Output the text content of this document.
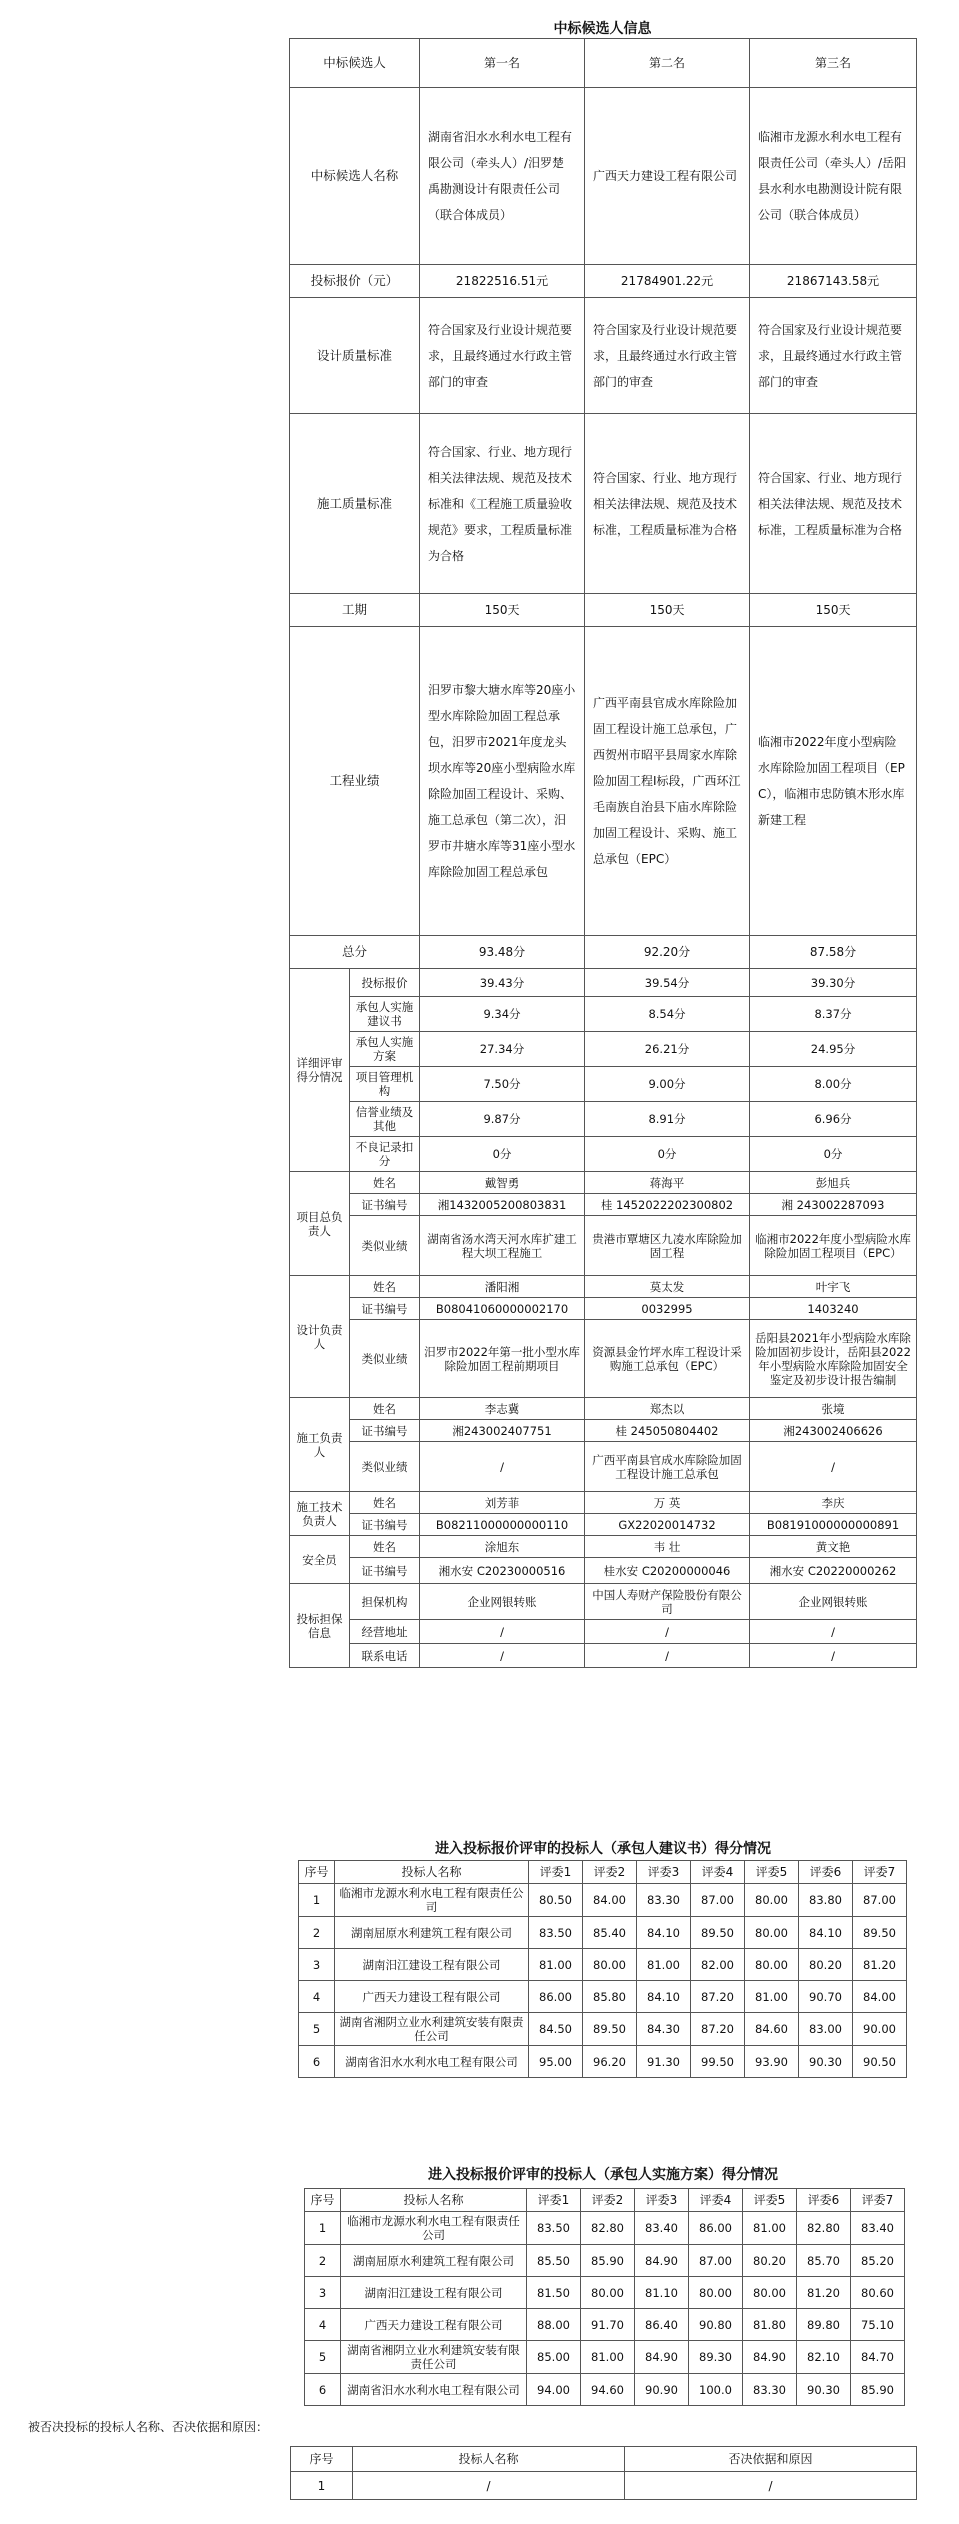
中标候选人信息
中标候选人		第一名	第二名	第三名
中标候选人名称		湖南省汨水水利水电工程有限公司（牵头人）/汨罗楚禹勘测设计有限责任公司（联合体成员）	广西天力建设工程有限公司	临湘市龙源水利水电工程有限责任公司（牵头人）/岳阳县水利水电勘测设计院有限公司（联合体成员）
投标报价（元）		21822516.51元	21784901.22元	21867143.58元
设计质量标准		符合国家及行业设计规范要求，且最终通过水行政主管部门的审查	符合国家及行业设计规范要求，且最终通过水行政主管部门的审查	符合国家及行业设计规范要求，且最终通过水行政主管部门的审查
施工质量标准		符合国家、行业、地方现行相关法律法规、规范及技术标准和《工程施工质量验收规范》要求，工程质量标准为合格	符合国家、行业、地方现行相关法律法规、规范及技术标准，工程质量标准为合格	符合国家、行业、地方现行相关法律法规、规范及技术标准，工程质量标准为合格
工期		150天	150天	150天
工程业绩		汨罗市黎大塘水库等20座小型水库除险加固工程总承包，汨罗市2021年度龙头坝水库等20座小型病险水库除险加固工程设计、采购、施工总承包（第二次），汨罗市井塘水库等31座小型水库除险加固工程总承包	广西平南县官成水库除险加固工程设计施工总承包，广西贺州市昭平县周家水库除险加固工程Ⅰ标段，广西环江毛南族自治县下庙水库除险加固工程设计、采购、施工总承包（EPC）	临湘市2022年度小型病险水库除险加固工程项目（EPC），临湘市忠防镇木形水库新建工程
总分		93.48分	92.20分	87.58分
详细评审得分情况	投标报价	39.43分	39.54分	39.30分
	承包人实施建议书	9.34分	8.54分	8.37分
	承包人实施方案	27.34分	26.21分	24.95分
	项目管理机构	7.50分	9.00分	8.00分
	信誉业绩及其他	9.87分	8.91分	6.96分
	不良记录扣分	0分	0分	0分
项目总负责人	姓名	戴智勇	蒋海平	彭旭兵
	证书编号	湘1432005200803831	桂 1452022202300802	湘 243002287093
	类似业绩	湖南省汤水湾天河水库扩建工程大坝工程施工	贵港市覃塘区九凌水库除险加固工程	临湘市2022年度小型病险水库除险加固工程项目（EPC）
设计负责人	姓名	潘阳湘	莫太发	叶宇飞
	证书编号	B08041060000002170	0032995	1403240
	类似业绩	汨罗市2022年第一批小型水库除险加固工程前期项目	资源县金竹坪水库工程设计采购施工总承包（EPC）	岳阳县2021年小型病险水库除险加固初步设计，岳阳县2022年小型病险水库除险加固安全鉴定及初步设计报告编制
施工负责人	姓名	李志冀	郑杰以	张境
	证书编号	湘243002407751	桂 245050804402	湘243002406626
	类似业绩	/	广西平南县官成水库除险加固工程设计施工总承包	/
施工技术负责人	姓名	刘芳菲	万 英	李庆
	证书编号	B08211000000000110	GX22020014732	B08191000000000891
安全员	姓名	涂旭东	韦 壮	黄文艳
	证书编号	湘水安 C20230000516	桂水安 C20200000046	湘水安 C20220000262
投标担保信息	担保机构	企业网银转账	中国人寿财产保险股份有限公司	企业网银转账
	经营地址	/	/	/
	联系电话	/	/	/
进入投标报价评审的投标人（承包人建议书）得分情况
序号	投标人名称	评委1	评委2	评委3	评委4	评委5	评委6	评委7
1	临湘市龙源水利水电工程有限责任公司	80.50	84.00	83.30	87.00	80.00	83.80	87.00
2	湖南屈原水利建筑工程有限公司	83.50	85.40	84.10	89.50	80.00	84.10	89.50
3	湖南汨江建设工程有限公司	81.00	80.00	81.00	82.00	80.00	80.20	81.20
4	广西天力建设工程有限公司	86.00	85.80	84.10	87.20	81.00	90.70	84.00
5	湖南省湘阴立业水利建筑安装有限责任公司	84.50	89.50	84.30	87.20	84.60	83.00	90.00
6	湖南省汨水水利水电工程有限公司	95.00	96.20	91.30	99.50	93.90	90.30	90.50
进入投标报价评审的投标人（承包人实施方案）得分情况
序号	投标人名称	评委1	评委2	评委3	评委4	评委5	评委6	评委7
1	临湘市龙源水利水电工程有限责任公司	83.50	82.80	83.40	86.00	81.00	82.80	83.40
2	湖南屈原水利建筑工程有限公司	85.50	85.90	84.90	87.00	80.20	85.70	85.20
3	湖南汨江建设工程有限公司	81.50	80.00	81.10	80.00	80.00	81.20	80.60
4	广西天力建设工程有限公司	88.00	91.70	86.40	90.80	81.80	89.80	75.10
5	湖南省湘阴立业水利建筑安装有限责任公司	85.00	81.00	84.90	89.30	84.90	82.10	84.70
6	湖南省汨水水利水电工程有限公司	94.00	94.60	90.90	100.0	83.30	90.30	85.90
被否决投标的投标人名称、否决依据和原因：
序号	投标人名称	否决依据和原因
1	/	/
